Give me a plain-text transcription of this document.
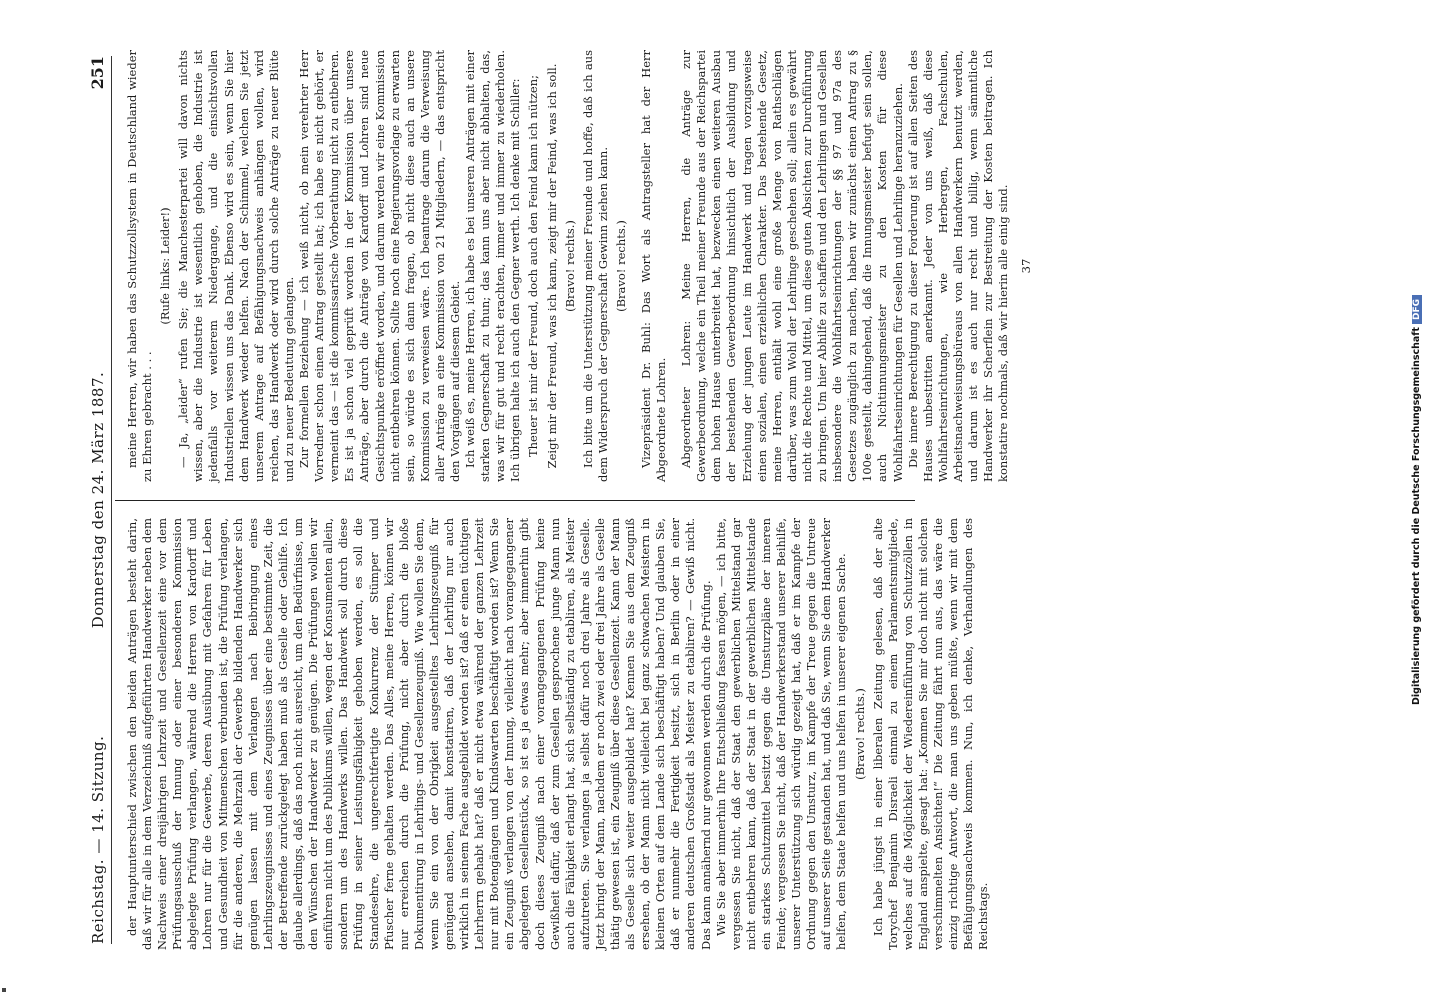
Reichstag. — 14. Sitzung.
Donnerstag den 24. März 1887.
251

der Hauptunterschied zwischen den beiden Anträgen besteht darin, daß wir für alle in dem Verzeichniß aufgeführten Handwerker neben dem Nachweis einer dreijährigen Lehrzeit und Gesellenzeit eine vor dem Prüfungsausschuß der Innung oder einer besonderen Kommission abgelegte Prüfung verlangen, während die Herren von Kardorff und Lohren nur für die Gewerbe, deren Ausübung mit Gefahren für Leben und Gesundheit von Mitmenschen verbunden ist, die Prüfung verlangen, für die anderen, die Mehrzahl der Gewerbe bildenden Handwerker sich genügen lassen mit dem Verlangen nach Beibringung eines Lehrlingszeugnisses und eines Zeugnisses über eine bestimmte Zeit, die der Betreffende zurückgelegt haben muß als Geselle oder Gehilfe. Ich glaube allerdings, daß das noch nicht ausreicht, um den Bedürfnisse, um den Wünschen der Handwerker zu genügen. Die Prüfungen wollen wir einführen nicht um des Publikums willen, wegen der Konsumenten allein, sondern um des Handwerks willen. Das Handwerk soll durch diese Prüfung in seiner Leistungsfähigkeit gehoben werden, es soll die Standesehre, die ungerechtfertigte Konkurrenz der Stümper und Pfuscher ferne gehalten werden. Das Alles, meine Herren, können wir nur erreichen durch die Prüfung, nicht aber durch die bloße Dokumentirung in Lehrlings- und Gesellenzeugniß. Wie wollen Sie denn, wenn Sie ein von der Obrigkeit ausgestelltes Lehrlingszeugniß für genügend ansehen, damit konstatiren, daß der Lehrling nur auch wirklich in seinem Fache ausgebildet worden ist? daß er einen tüchtigen Lehrherrn gehabt hat? daß er nicht etwa während der ganzen Lehrzeit nur mit Botengängen und Kindswarten beschäftigt worden ist? Wenn Sie ein Zeugniß verlangen von der Innung, vielleicht nach vorangegangener abgelegten Gesellenstück, so ist es ja etwas mehr; aber immerhin gibt doch dieses Zeugniß nach einer vorangegangenen Prüfung keine Gewißheit dafür, daß der zum Gesellen gesprochene junge Mann nun auch die Fähigkeit erlangt hat, sich selbständig zu etabliren, als Meister aufzutreten. Sie verlangen ja selbst dafür noch drei Jahre als Geselle. Jetzt bringt der Mann, nachdem er noch zwei oder drei Jahre als Geselle thätig gewesen ist, ein Zeugniß über diese Gesellenzeit. Kann der Mann als Geselle sich weiter ausgebildet hat? Kennen Sie aus dem Zeugniß ersehen, ob der Mann nicht vielleicht bei ganz schwachen Meistern in kleinen Orten auf dem Lande sich beschäftigt haben? Und glauben Sie, daß er nunmehr die Fertigkeit besitzt, sich in Berlin oder in einer anderen deutschen Großstadt als Meister zu etabliren? — Gewiß nicht. Das kann annähernd nur gewonnen werden durch die Prüfung. Wie Sie aber immerhin Ihre Entschließung fassen mögen, — ich bitte, vergessen Sie nicht, daß der Staat den gewerblichen Mittelstand gar nicht entbehren kann, daß der Staat in der gewerblichen Mittelstande ein starkes Schutzmittel besitzt gegen die Umsturzpläne der inneren Feinde; vergessen Sie nicht, daß der Handwerkerstand unserer Beihilfe, unserer Unterstützung sich würdig gezeigt hat, daß er im Kampfe der Ordnung gegen den Umsturz, im Kampfe der Treue gegen die Untreue auf unserer Seite gestanden hat, und daß Sie, wenn Sie dem Handwerker helfen, dem Staate helfen und uns helfen in unserer eigenen Sache. (Bravo! rechts.) Ich habe jüngst in einer liberalen Zeitung gelesen, daß der alte Torychef Benjamin Disraeli einmal zu einem Parlamentsmitgliede, welches auf die Möglichkeit der Wiedereinführung von Schutzzöllen in England anspielte, gesagt hat: „Kommen Sie mir doch nicht mit solchen verschimmelten Ansichten!“ Die Zeitung fährt nun aus, das wäre die einzig richtige Antwort, die man uns geben müßte, wenn wir mit dem Befähigungsnachweis kommen. Nun, ich denke, Verhandlungen des Reichstags.

meine Herren, wir haben das Schutzzollsystem in Deutschland wieder zu Ehren gebracht . . .

(Rufe links: Leider!) — Ja, „leider“ rufen Sie; die Manchesterpartei will davon nichts wissen, aber die Industrie ist wesentlich gehoben, die Industrie ist jedenfalls vor weiterem Niedergange, und die einsichtsvollen Industriellen wissen uns das Dank. Ebenso wird es sein, wenn Sie hier dem Handwerk wieder helfen. Nach der Schimmel, welchen Sie jetzt unserem Antrage auf Befähigungsnachweis anhängen wollen, wird reichen, das Handwerk oder wird durch solche Anträge zu neuer Blüte und zu neuer Bedeutung gelangen. Zur formellen Beziehung — ich weiß nicht, ob mein verehrter Herr Vorredner schon einen Antrag gestellt hat; ich habe es nicht gehört, er vermeint das — ist die kommissarische Vorberathung nicht zu entbehren. Es ist ja schon viel geprüft worden in der Kommission über unsere Anträge, aber durch die Anträge von Kardorff und Lohren sind neue Gesichtspunkte eröffnet worden, und darum werden wir eine Kommission nicht entbehren können. Sollte noch eine Regierungsvorlage zu erwarten sein, so würde es sich dann fragen, ob nicht diese auch an unsere Kommission zu verweisen wäre. Ich beantrage darum die Verweisung aller Anträge an eine Kommission von 21 Mitgliedern, — das entspricht den Vorgängen auf diesem Gebiet. Ich weiß es, meine Herren, ich habe es bei unseren Anträgen mit einer starken Gegnerschaft zu thun; das kann uns aber nicht abhalten, das, was wir für gut und recht erachten, immer und immer zu wiederholen. Ich übrigen halte ich auch den Gegner werth. Ich denke mit Schiller: Theuer ist mir der Freund, doch auch den Feind kann ich nützen; Zeigt mir der Freund, was ich kann, zeigt mir der Feind, was ich soll. (Bravo! rechts.) Ich bitte um die Unterstützung meiner Freunde und hoffe, daß ich aus dem Widerspruch der Gegnerschaft Gewinn ziehen kann. (Bravo! rechts.) Vizepräsident Dr. Buhl: Das Wort als Antragsteller hat der Herr Abgeordnete Lohren. Abgeordneter Lohren: Meine Herren, die Anträge zur Gewerbeordnung, welche ein Theil meiner Freunde aus der Reichspartei dem hohen Hause unterbreitet hat, bezwecken einen weiteren Ausbau der bestehenden Gewerbeordnung hinsichtlich der Ausbildung und Erziehung der jungen Leute im Handwerk und tragen vorzugsweise einen sozialen, einen erziehlichen Charakter. Das bestehende Gesetz, meine Herren, enthält wohl eine große Menge von Rathschlägen darüber, was zum Wohl der Lehrlinge geschehen soll; allein es gewährt nicht die Rechte und Mittel, um diese guten Absichten zur Durchführung zu bringen. Um hier Abhilfe zu schaffen und den Lehrlingen und Gesellen insbesondere die Wohlfahrtseinrichtungen der §§ 97 und 97a des Gesetzes zugänglich zu machen, haben wir zunächst einen Antrag zu § 100e gestellt, dahingehend, daß die Innungsmeister befugt sein sollen, auch Nichtinnungsmeister zu den Kosten für diese Wohlfahrtseinrichtungen für Gesellen und Lehrlinge heranzuziehen. Die innere Berechtigung zu dieser Forderung ist auf allen Seiten des Hauses unbestritten anerkannt. Jeder von uns weiß, daß diese Wohlfahrtseinrichtungen, wie Herbergen, Fachschulen, Arbeitsnachweisungsbüreaus von allen Handwerkern benutzt werden, und darum ist es auch nur recht und billig, wenn sämmtliche Handwerker ihr Scherflein zur Bestreitung der Kosten beitragen. Ich konstatire nochmals, daß wir hierin alle einig sind. 37

Digitalisierung gefördert durch die Deutsche ForschungsgemeinschaftDFG
